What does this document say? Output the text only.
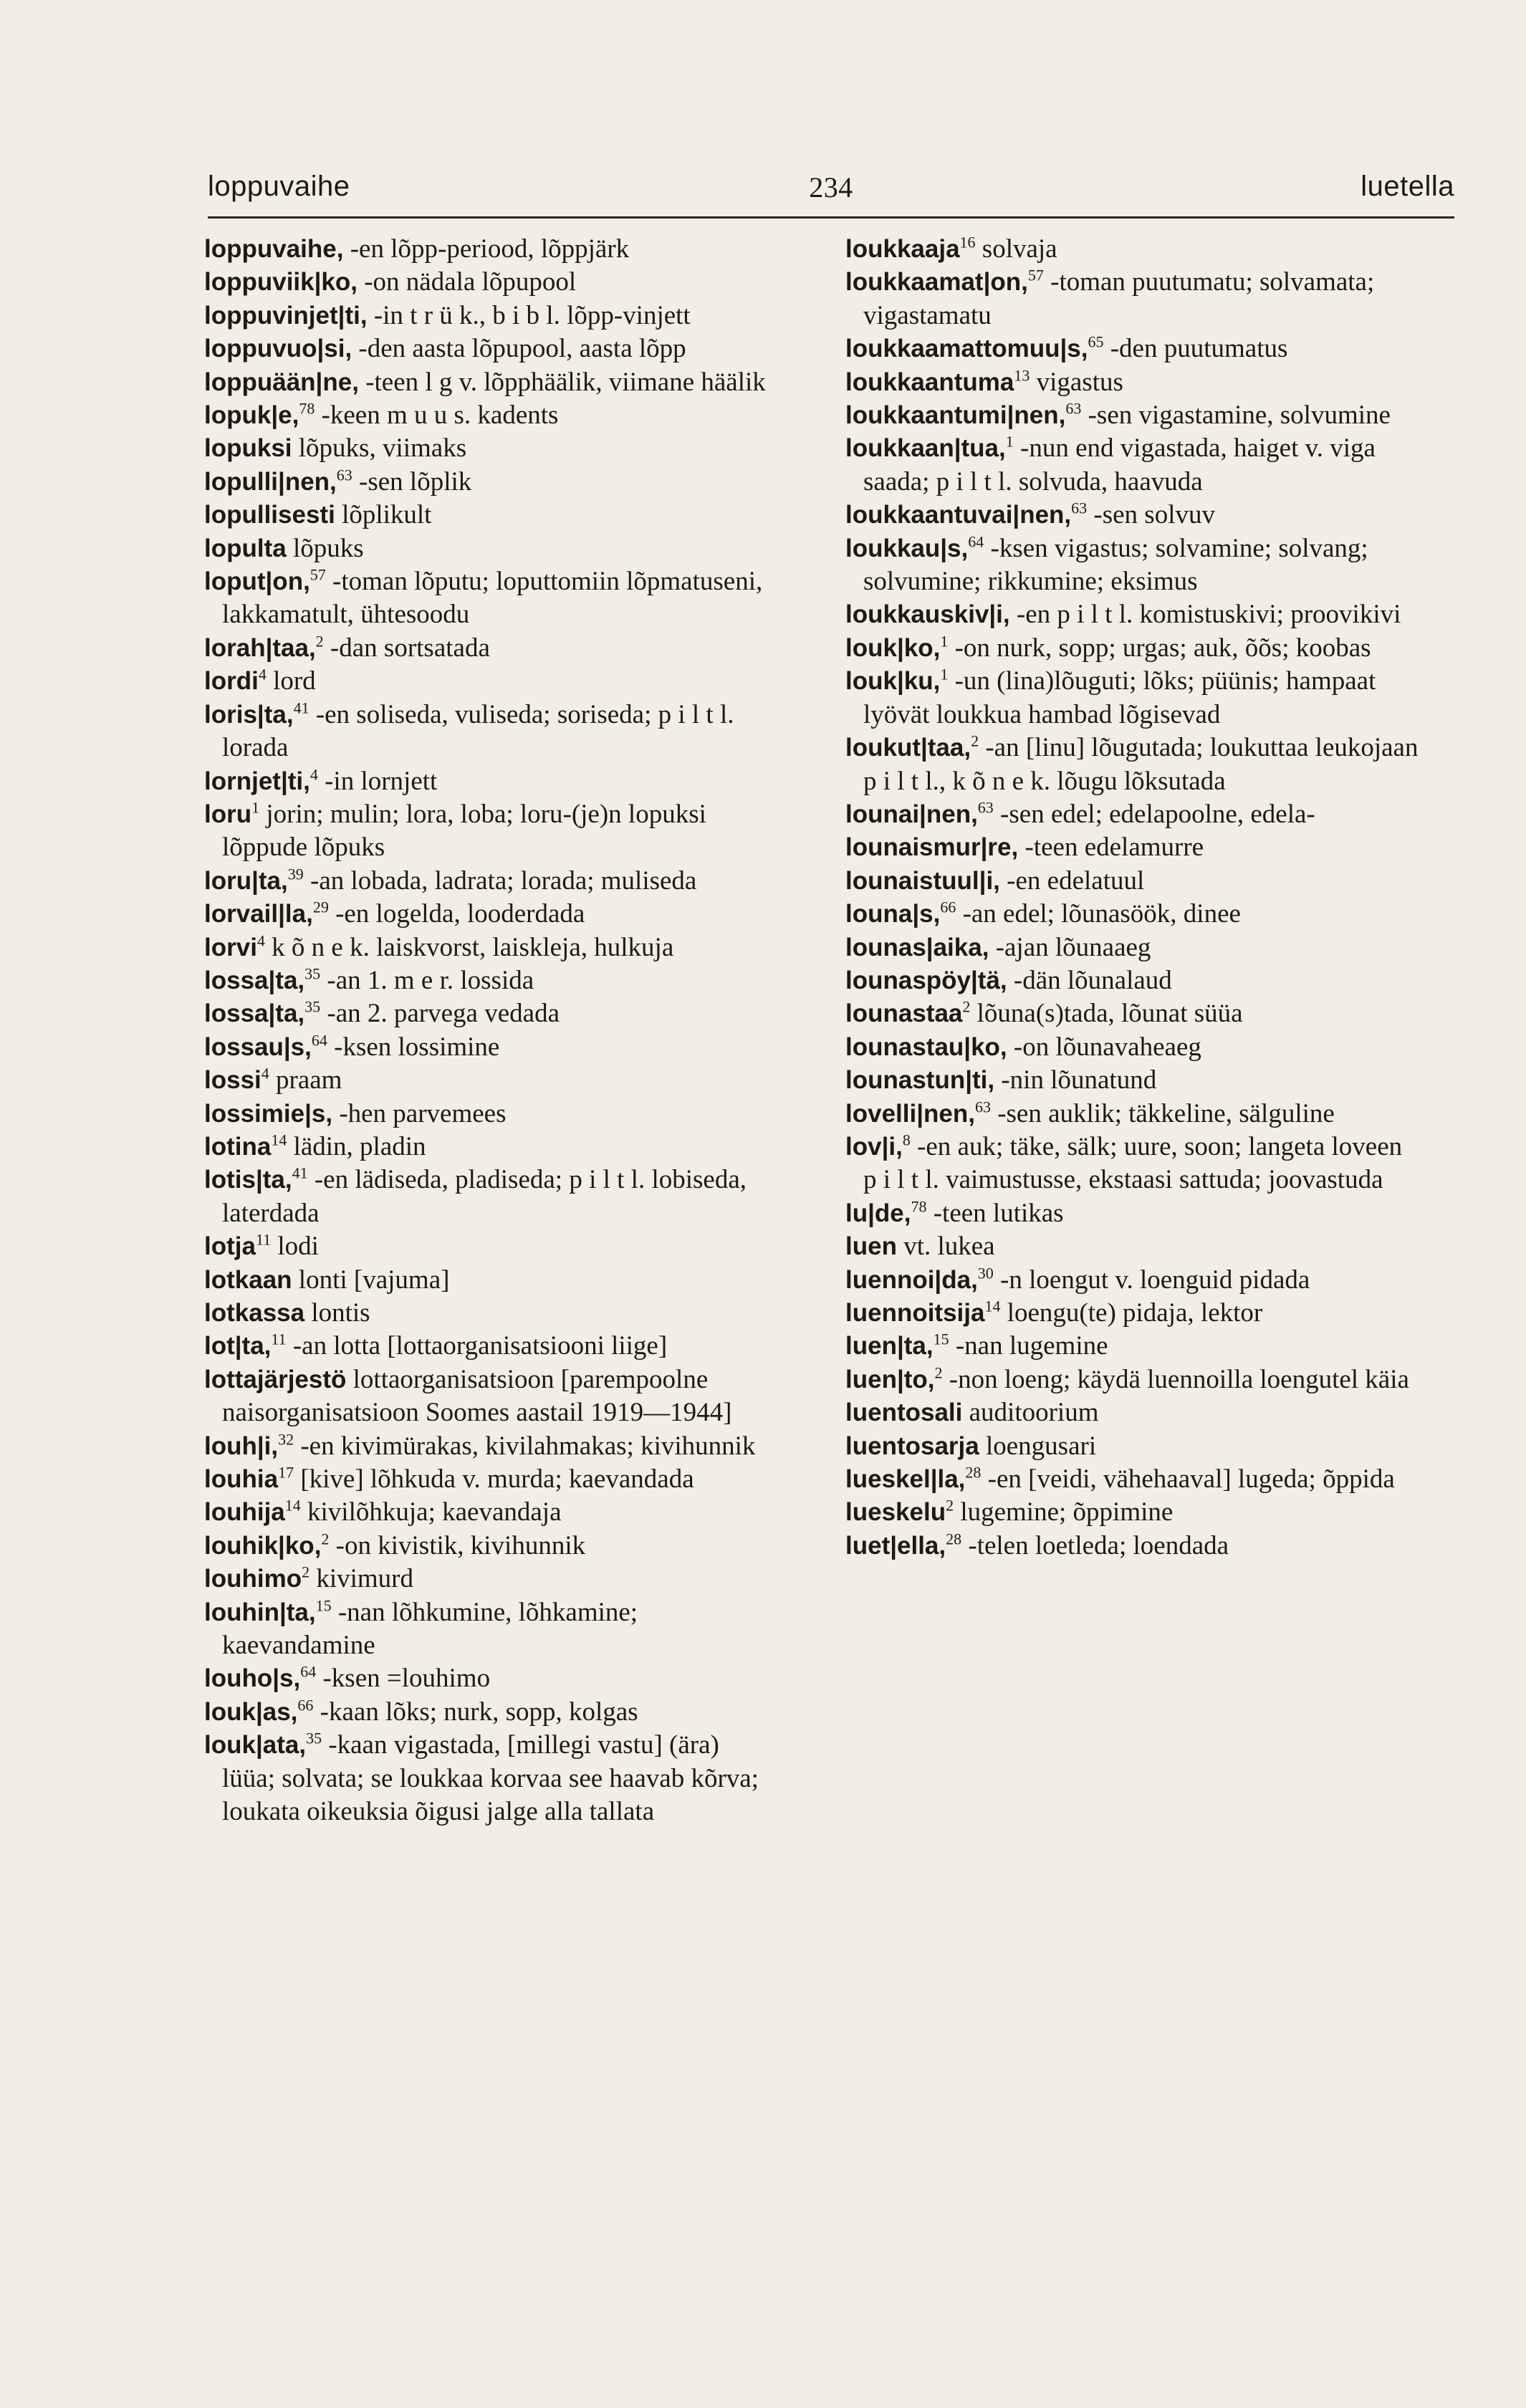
loppuvaihe	234	luetella

loppuvaihe, -en lõpp-periood, lõppjärk

loppuviik|ko, -on nädala lõpupool

loppuvinjet|ti, -in t r ü k., b i b l. lõpp-vinjett

loppuvuo|si, -den aasta lõpupool, aasta lõpp

loppuään|ne, -teen l g v. lõpphäälik, viimane häälik

lopuk|e,$^{78}$ -keen m u u s. kadents

lopuksi lõpuks, viimaks

lopulli|nen,$^{63}$ -sen lõplik

lopullisesti lõplikult

lopulta lõpuks

loput|on,$^{57}$ -toman lõputu; loputtomiin lõpmatuseni, lakkamatult, ühtesoodu

lorah|taa,$^2$ -dan sortsatada

lordi$^4$ lord

loris|ta,$^{41}$ -en soliseda, vuliseda; soriseda; p i l t l. lorada

lornjet|ti,$^4$ -in lornjett

loru$^1$ jorin; mulin; lora, loba; loru-(je)n lopuksi lõppude lõpuks

loru|ta,$^{39}$ -an lobada, ladrata; lorada; muliseda

lorvail|la,$^{29}$ -en logelda, looderdada

lorvi$^4$ k õ n e k. laiskvorst, laiskleja, hulkuja

lossa|ta,$^{35}$ -an 1. m e r. lossida

lossa|ta,$^{35}$ -an 2. parvega vedada

lossau|s,$^{64}$ -ksen lossimine

lossi$^4$ praam

lossimie|s, -hen parvemees

lotina$^{14}$ lädin, pladin

lotis|ta,$^{41}$ -en lädiseda, pladiseda; p i l t l. lobiseda, laterdada

lotja$^{11}$ lodi

lotkaan lonti [vajuma]

lotkassa lontis

lot|ta,$^{11}$ -an lotta [lottaorganisatsiooni liige]

lottajärjestö lottaorganisatsioon [parempoolne naisorganisatsioon Soomes aastail 1919—1944]

louh|i,$^{32}$ -en kivimürakas, kivilahmakas; kivihunnik

louhia$^{17}$ [kive] lõhkuda v. murda; kaevandada

louhija$^{14}$ kivilõhkuja; kaevandaja

louhik|ko,$^2$ -on kivistik, kivihunnik

louhimo$^2$ kivimurd

louhin|ta,$^{15}$ -nan lõhkumine, lõhkamine; kaevandamine

louho|s,$^{64}$ -ksen =louhimo

louk|as,$^{66}$ -kaan lõks; nurk, sopp, kolgas

louk|ata,$^{35}$ -kaan vigastada, [millegi vastu] (ära) lüüa; solvata; se loukkaa korvaa see haavab kõrva; loukata oikeuksia õigusi jalge alla tallata

loukkaaja$^{16}$ solvaja

loukkaamat|on,$^{57}$ -toman puutumatu; solvamata; vigastamatu

loukkaamattomuu|s,$^{65}$ -den puutumatus

loukkaantuma$^{13}$ vigastus

loukkaantumi|nen,$^{63}$ -sen vigastamine, solvumine

loukkaan|tua,$^1$ -nun end vigastada, haiget v. viga saada; p i l t l. solvuda, haavuda

loukkaantuvai|nen,$^{63}$ -sen solvuv

loukkau|s,$^{64}$ -ksen vigastus; solvamine; solvang; solvumine; rikkumine; eksimus

loukkauskiv|i, -en p i l t l. komistuskivi; proovikivi

louk|ko,$^1$ -on nurk, sopp; urgas; auk, õõs; koobas

louk|ku,$^1$ -un (lina)lõuguti; lõks; püünis; hampaat lyövät loukkua hambad lõgisevad

loukut|taa,$^2$ -an [linu] lõugutada; loukuttaa leukojaan p i l t l., k õ n e k. lõugu lõksutada

lounai|nen,$^{63}$ -sen edel; edelapoolne, edela-

lounaismur|re, -teen edelamurre

lounaistuul|i, -en edelatuul

louna|s,$^{66}$ -an edel; lõunasöök, dinee

lounas|aika, -ajan lõunaaeg

lounaspöy|tä, -dän lõunalaud

lounastaa$^2$ lõuna(s)tada, lõunat süüa

lounastau|ko, -on lõunavaheaeg

lounastun|ti, -nin lõunatund

lovelli|nen,$^{63}$ -sen auklik; täkkeline, sälguline

lov|i,$^8$ -en auk; täke, sälk; uure, soon; langeta loveen p i l t l. vaimustusse, ekstaasi sattuda; joovastuda

lu|de,$^{78}$ -teen lutikas

luen vt. lukea

luennoi|da,$^{30}$ -n loengut v. loenguid pidada

luennoitsija$^{14}$ loengu(te) pidaja, lektor

luen|ta,$^{15}$ -nan lugemine

luen|to,$^2$ -non loeng; käydä luennoilla loengutel käia

luentosali auditoorium

luentosarja loengusari

lueskel|la,$^{28}$ -en [veidi, vähehaaval] lugeda; õppida

lueskelu$^2$ lugemine; õppimine

luet|ella,$^{28}$ -telen loetleda; loendada
